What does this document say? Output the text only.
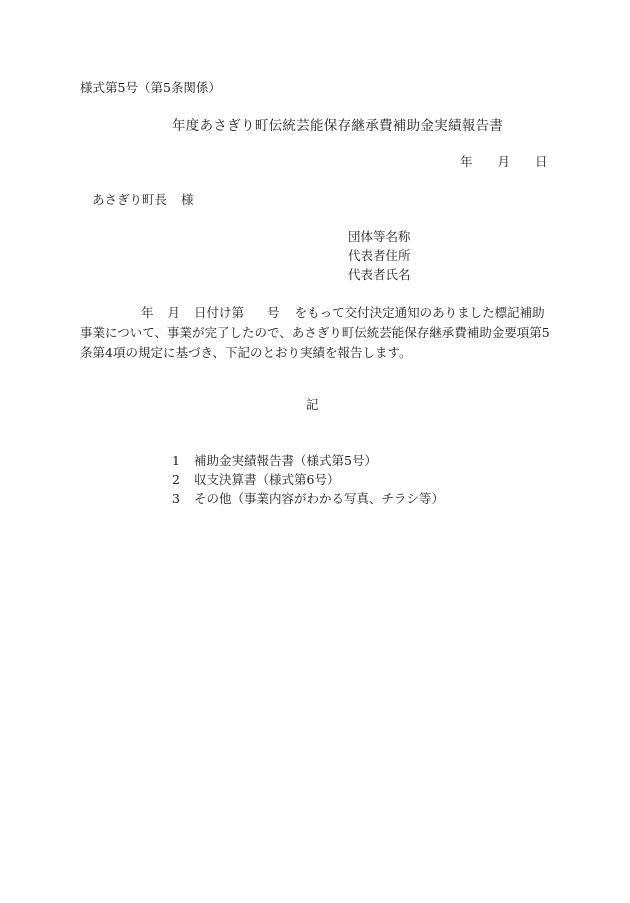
様式第5号（第5条関係）
年度あさぎり町伝統芸能保存継承費補助金実績報告書
年 月 日
あさぎり町長 様
団体等名称
代表者住所
代表者氏名
年 月 日付け第 号 をもって交付決定通知のありました標記補助
事業について、事業が完了したので、あさぎり町伝統芸能保存継承費補助金要項第5
条第4項の規定に基づき、下記のとおり実績を報告します。
記
1 補助金実績報告書（様式第5号）
2 収支決算書（様式第6号）
3 その他（事業内容がわかる写真、チラシ等）
